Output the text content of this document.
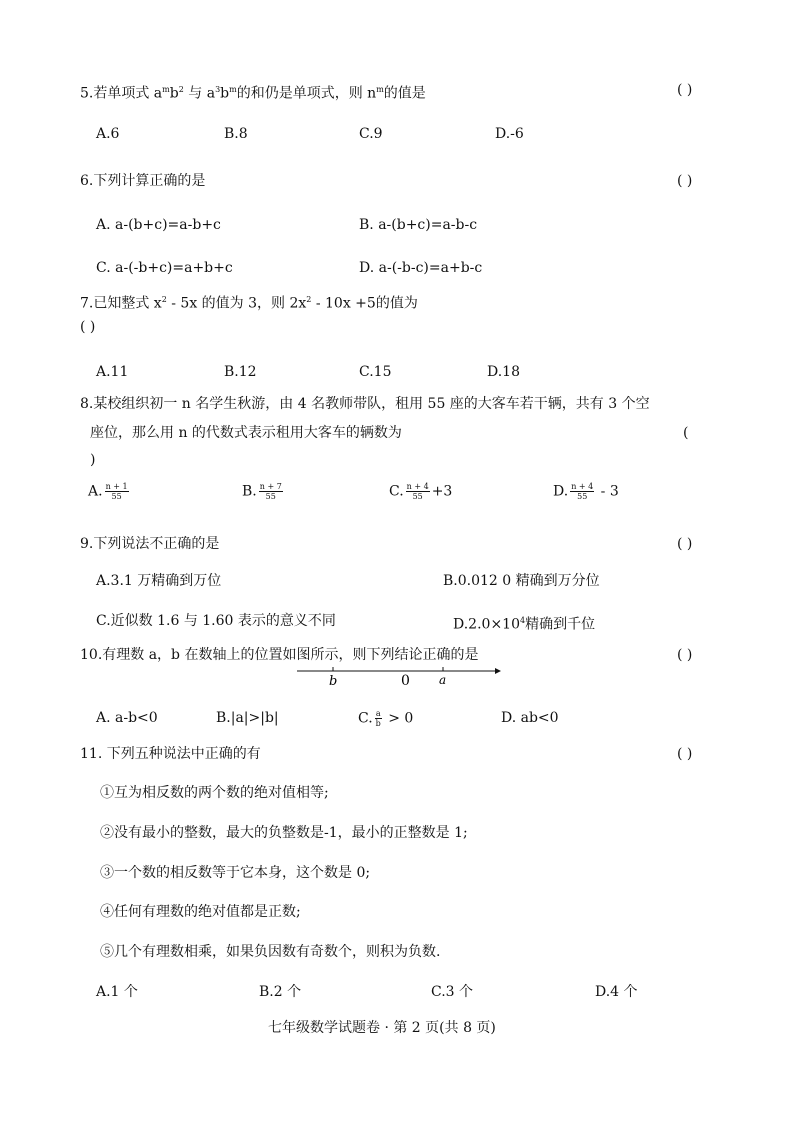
5.若单项式 $a^mb^2$ 与 $a^3b^m$的和仍是单项式，则 $n^m$的值是	( )
A.6	B.8	C.9	D.-6
6.下列计算正确的是	( )
A. a-(b+c)=a-b+c	B. a-(b+c)=a-b-c
C. a-(-b+c)=a+b+c	D. a-(-b-c)=a+b-c
7.已知整式 $x^2 - 5x$ 的值为 3，则 $2x^2 - 10x +5$的值为
( )
A.11	B.12	C.15	D.18
8.某校组织初一 n 名学生秋游，由 4 名教师带队，租用 55 座的大客车若干辆，共有 3 个空
座位，那么用 n 的代数式表示租用大客车的辆数为	(
)
A. $\frac{n + 1}{55}$	B. $\frac{n + 7}{55}$	C. $\frac{n + 4}{55} +3$	D. $\frac{n + 4}{55} - 3$
9.下列说法不正确的是	( )
A.3.1 万精确到万位	B.0.012 0 精确到万分位
C.近似数 1.6 与 1.60 表示的意义不同	$D.2.0\times 10^4$精确到千位
10.有理数 a，b 在数轴上的位置如图所示，则下列结论正确的是	( )
b	0 a
A. a-b<0	B.|a|>|b|	C. $\frac{a}{b} > 0$	D. ab<0
11. 下列五种说法中正确的有	( )
①互为相反数的两个数的绝对值相等;
②没有最小的整数，最大的负整数是-1，最小的正整数是 1;
③一个数的相反数等于它本身，这个数是 0;
④任何有理数的绝对值都是正数;
⑤几个有理数相乘，如果负因数有奇数个，则积为负数.
A.1 个	B.2 个	C.3 个	D.4 个
七年级数学试题卷 · 第 2 页(共 8 页)
